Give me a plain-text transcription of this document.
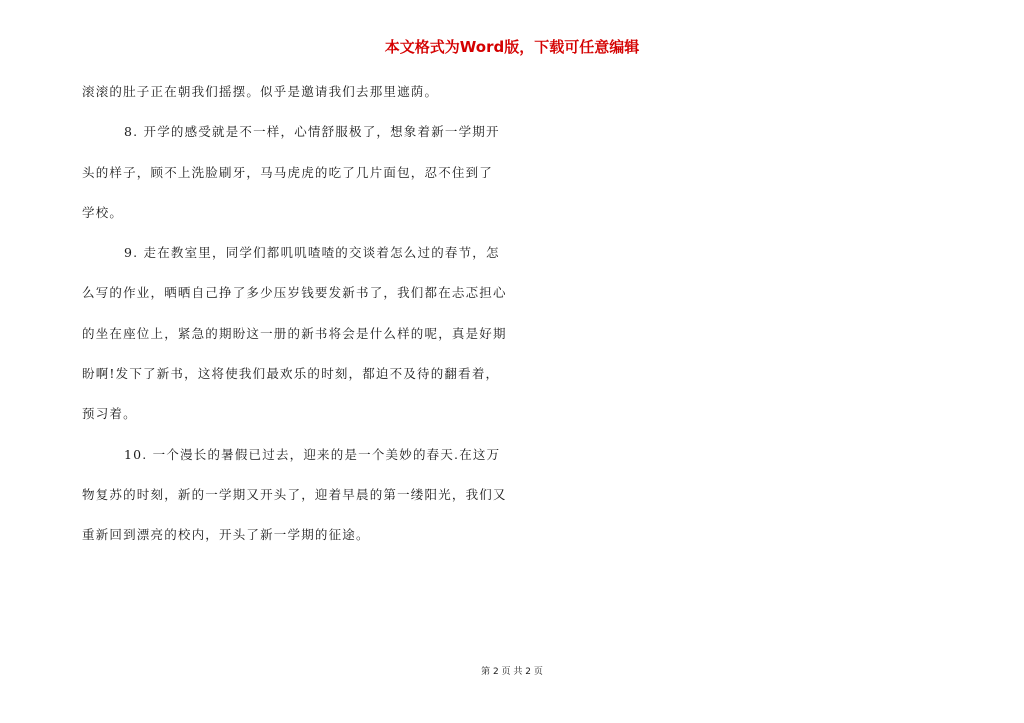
本文格式为Word版，下载可任意编辑
滚滚的肚子正在朝我们摇摆。似乎是邀请我们去那里遮荫。
8. 开学的感受就是不一样，心情舒服极了，想象着新一学期开
头的样子，顾不上洗脸刷牙，马马虎虎的吃了几片面包，忍不住到了
学校。
9. 走在教室里，同学们都叽叽喳喳的交谈着怎么过的春节，怎
么写的作业，晒晒自己挣了多少压岁钱要发新书了，我们都在忐忑担心
的坐在座位上，紧急的期盼这一册的新书将会是什么样的呢，真是好期
盼啊!发下了新书，这将使我们最欢乐的时刻，都迫不及待的翻看着，
预习着。
10. 一个漫长的暑假已过去，迎来的是一个美妙的春天.在这万
物复苏的时刻，新的一学期又开头了，迎着早晨的第一缕阳光，我们又
重新回到漂亮的校内，开头了新一学期的征途。
第 2 页 共 2 页
